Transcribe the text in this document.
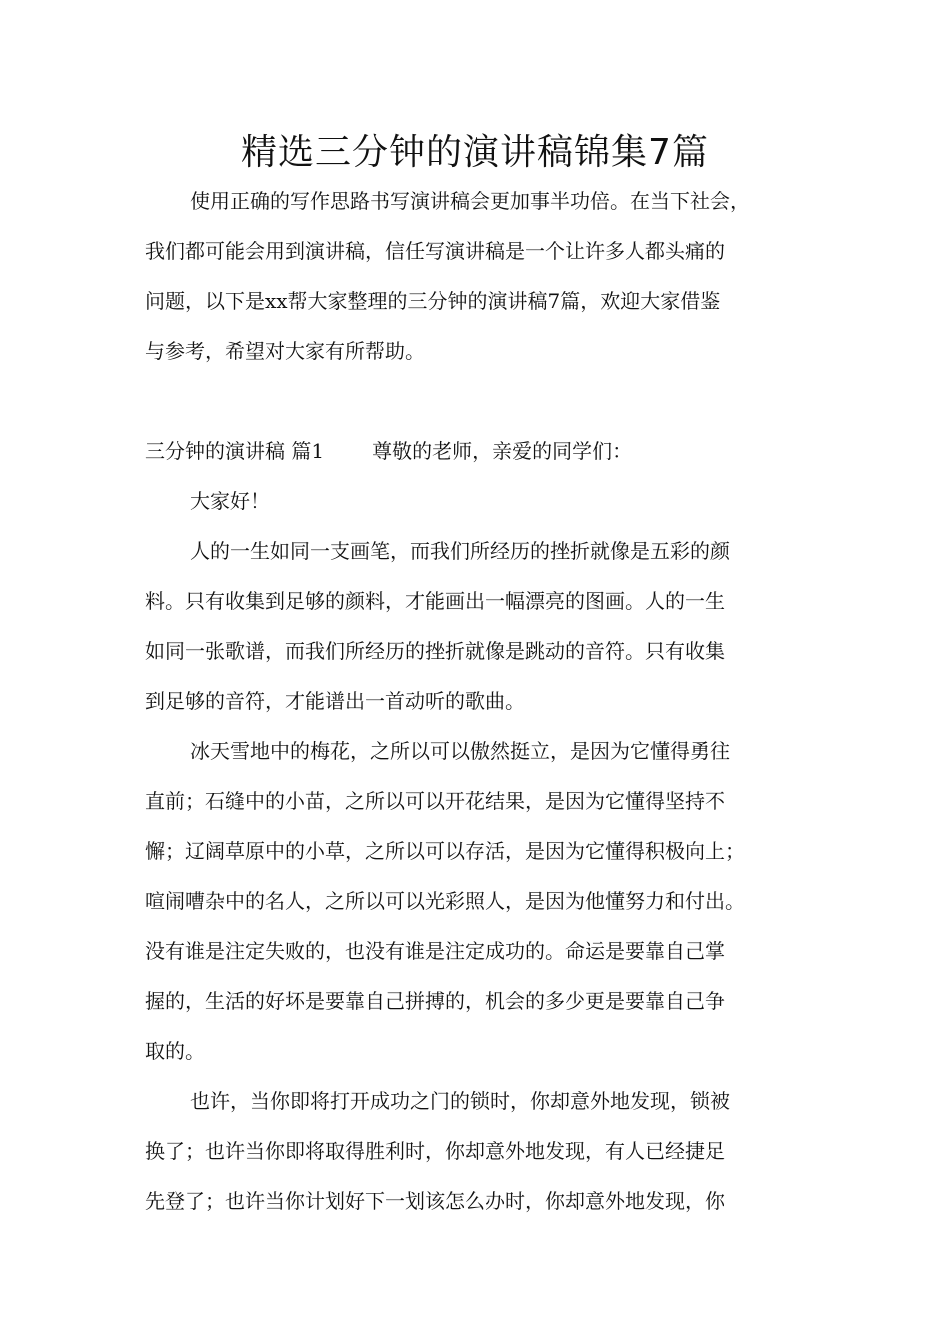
精选三分钟的演讲稿锦集7篇

使用正确的写作思路书写演讲稿会更加事半功倍。在当下社会，

我们都可能会用到演讲稿，信任写演讲稿是一个让许多人都头痛的

问题，以下是xx帮大家整理的三分钟的演讲稿7篇，欢迎大家借鉴

与参考，希望对大家有所帮助。

三分钟的演讲稿 篇1 尊敬的老师，亲爱的同学们：

大家好！

人的一生如同一支画笔，而我们所经历的挫折就像是五彩的颜

料。只有收集到足够的颜料，才能画出一幅漂亮的图画。人的一生

如同一张歌谱，而我们所经历的挫折就像是跳动的音符。只有收集

到足够的音符，才能谱出一首动听的歌曲。

冰天雪地中的梅花，之所以可以傲然挺立，是因为它懂得勇往

直前；石缝中的小苗，之所以可以开花结果，是因为它懂得坚持不

懈；辽阔草原中的小草，之所以可以存活，是因为它懂得积极向上；

喧闹嘈杂中的名人，之所以可以光彩照人，是因为他懂努力和付出。

没有谁是注定失败的，也没有谁是注定成功的。命运是要靠自己掌

握的，生活的好坏是要靠自己拼搏的，机会的多少更是要靠自己争

取的。

也许，当你即将打开成功之门的锁时，你却意外地发现，锁被

换了；也许当你即将取得胜利时，你却意外地发现，有人已经捷足

先登了；也许当你计划好下一划该怎么办时，你却意外地发现，你
